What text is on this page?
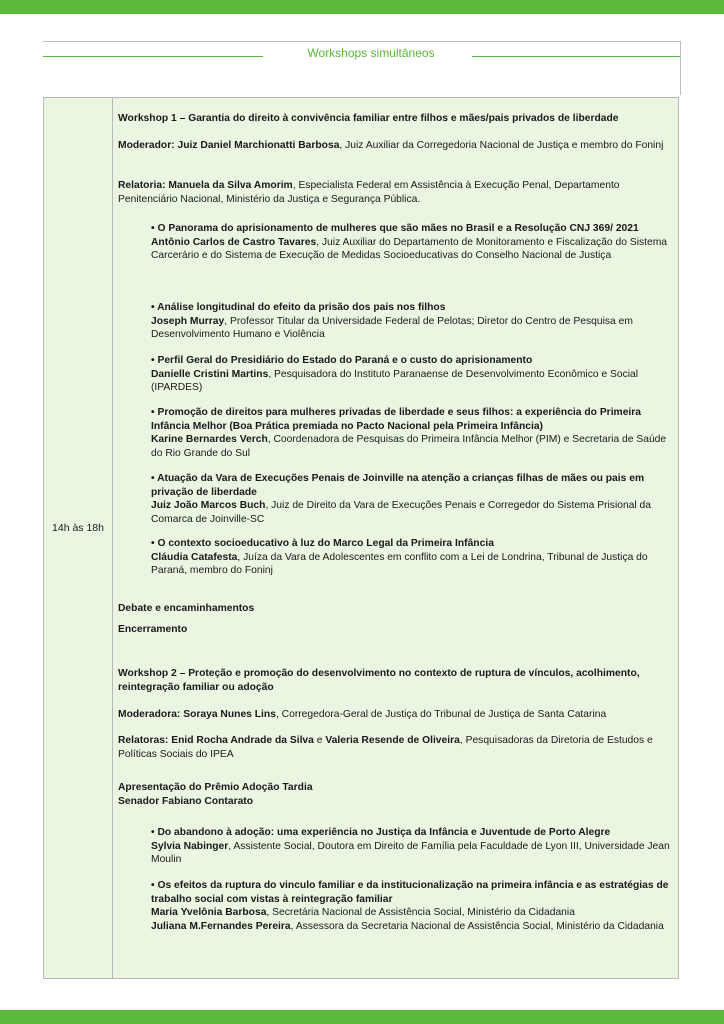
Workshops simultâneos
14h às 18h
Workshop 1 – Garantia do direito à convivência familiar entre filhos e mães/pais privados de liberdade
Moderador: Juiz Daniel Marchionatti Barbosa, Juiz Auxiliar da Corregedoria Nacional de Justiça e membro do Foninj
Relatoria: Manuela da Silva Amorim, Especialista Federal em Assistência à Execução Penal, Departamento Penitenciário Nacional, Ministério da Justiça e Segurança Pública.
• O Panorama do aprisionamento de mulheres que são mães no Brasil e a Resolução CNJ 369/ 2021
Antônio Carlos de Castro Tavares, Juiz Auxiliar do Departamento de Monitoramento e Fiscalização do Sistema Carcerário e do Sistema de Execução de Medidas Socioeducativas do Conselho Nacional de Justiça
• Análise longitudinal do efeito da prisão dos pais nos filhos
Joseph Murray, Professor Titular da Universidade Federal de Pelotas; Diretor do Centro de Pesquisa em Desenvolvimento Humano e Violência
• Perfil Geral do Presidiário do Estado do Paraná e o custo do aprisionamento
Danielle Cristini Martins, Pesquisadora do Instituto Paranaense de Desenvolvimento Econômico e Social (IPARDES)
• Promoção de direitos para mulheres privadas de liberdade e seus filhos: a experiência do Primeira Infância Melhor (Boa Prática premiada no Pacto Nacional pela Primeira Infância)
Karine Bernardes Verch, Coordenadora de Pesquisas do Primeira Infância Melhor (PIM) e Secretaria de Saúde do Rio Grande do Sul
• Atuação da Vara de Execuções Penais de Joinville na atenção a crianças filhas de mães ou pais em privação de liberdade
Juiz João Marcos Buch, Juiz de Direito da Vara de Execuções Penais e Corregedor do Sistema Prisional da Comarca de Joinville-SC
• O contexto socioeducativo à luz do Marco Legal da Primeira Infância
Cláudia Catafesta, Juíza da Vara de Adolescentes em conflito com a Lei de Londrina, Tribunal de Justiça do Paraná, membro do Foninj
Debate e encaminhamentos
Encerramento
Workshop 2 – Proteção e promoção do desenvolvimento no contexto de ruptura de vínculos, acolhimento, reintegração familiar ou adoção
Moderadora: Soraya Nunes Lins, Corregedora-Geral de Justiça do Tribunal de Justiça de Santa Catarina
Relatoras: Enid Rocha Andrade da Silva e Valeria Resende de Oliveira, Pesquisadoras da Diretoria de Estudos e Políticas Sociais do IPEA
Apresentação do Prêmio Adoção Tardia
Senador Fabiano Contarato
• Do abandono à adoção: uma experiência no Justiça da Infância e Juventude de Porto Alegre
Sylvia Nabinger, Assistente Social, Doutora em Direito de Família pela Faculdade de Lyon III, Universidade Jean Moulin
• Os efeitos da ruptura do vinculo familiar e da institucionalização na primeira infância e as estratégias de trabalho social com vistas à reintegração familiar
Maria Yvelônia Barbosa, Secretária Nacional de Assistência Social, Ministério da Cidadania
Juliana M.Fernandes Pereira, Assessora da Secretaria Nacional de Assistência Social, Ministério da Cidadania
